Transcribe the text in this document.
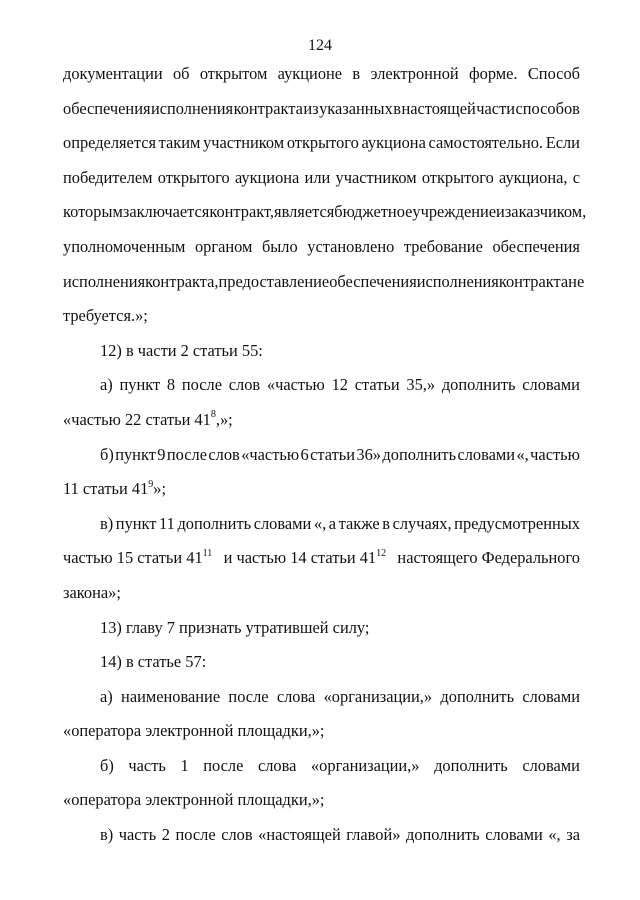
124
документации об открытом аукционе в электронной форме. Способ
обеспечения исполнения контракта из указанных в настоящей части способов
определяется таким участником открытого аукциона самостоятельно. Если
победителем открытого аукциона или участником открытого аукциона, с
которым заключается контракт, является бюджетное учреждение и заказчиком,
уполномоченным органом было установлено требование обеспечения
исполнения контракта, предоставление обеспечения исполнения контракта не
требуется.»;
12) в части 2 статьи 55:
а) пункт 8 после слов «частью 12 статьи 35,» дополнить словами
«частью 22 статьи $41^8$,»;
б) пункт 9 после слов «частью 6 статьи 36» дополнить словами «, частью
11 статьи $41^9$»;
в) пункт 11 дополнить словами «, а также в случаях, предусмотренных
частью 15 статьи $41^{11}$ и частью 14 статьи $41^{12}$ настоящего Федерального
закона»;
13) главу 7 признать утратившей силу;
14) в статье 57:
а) наименование после слова «организации,» дополнить словами
«оператора электронной площадки,»;
б) часть 1 после слова «организации,» дополнить словами
«оператора электронной площадки,»;
в) часть 2 после слов «настоящей главой» дополнить словами «, за
